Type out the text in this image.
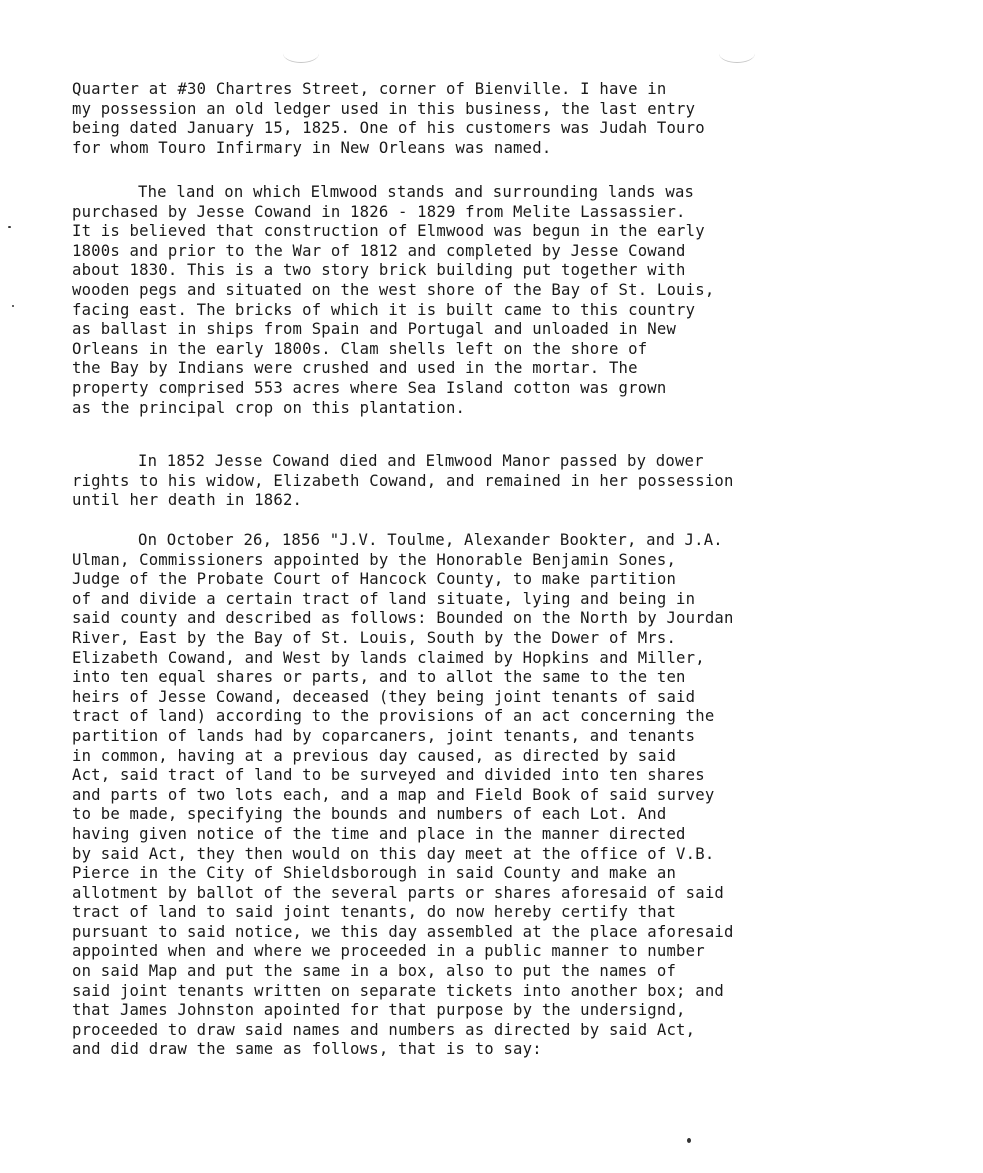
Quarter at #30 Chartres Street, corner of Bienville. I have in
my possession an old ledger used in this business, the last entry
being dated January 15, 1825. One of his customers was Judah Touro
for whom Touro Infirmary in New Orleans was named.
The land on which Elmwood stands and surrounding lands was
purchased by Jesse Cowand in 1826 - 1829 from Melite Lassassier.
It is believed that construction of Elmwood was begun in the early
1800s and prior to the War of 1812 and completed by Jesse Cowand
about 1830. This is a two story brick building put together with
wooden pegs and situated on the west shore of the Bay of St. Louis,
facing east. The bricks of which it is built came to this country
as ballast in ships from Spain and Portugal and unloaded in New
Orleans in the early 1800s. Clam shells left on the shore of
the Bay by Indians were crushed and used in the mortar. The
property comprised 553 acres where Sea Island cotton was grown
as the principal crop on this plantation.
In 1852 Jesse Cowand died and Elmwood Manor passed by dower
rights to his widow, Elizabeth Cowand, and remained in her possession
until her death in 1862.
On October 26, 1856 "J.V. Toulme, Alexander Bookter, and J.A.
Ulman, Commissioners appointed by the Honorable Benjamin Sones,
Judge of the Probate Court of Hancock County, to make partition
of and divide a certain tract of land situate, lying and being in
said county and described as follows: Bounded on the North by Jourdan
River, East by the Bay of St. Louis, South by the Dower of Mrs.
Elizabeth Cowand, and West by lands claimed by Hopkins and Miller,
into ten equal shares or parts, and to allot the same to the ten
heirs of Jesse Cowand, deceased (they being joint tenants of said
tract of land) according to the provisions of an act concerning the
partition of lands had by coparcaners, joint tenants, and tenants
in common, having at a previous day caused, as directed by said
Act, said tract of land to be surveyed and divided into ten shares
and parts of two lots each, and a map and Field Book of said survey
to be made, specifying the bounds and numbers of each Lot. And
having given notice of the time and place in the manner directed
by said Act, they then would on this day meet at the office of V.B.
Pierce in the City of Shieldsborough in said County and make an
allotment by ballot of the several parts or shares aforesaid of said
tract of land to said joint tenants, do now hereby certify that
pursuant to said notice, we this day assembled at the place aforesaid
appointed when and where we proceeded in a public manner to number
on said Map and put the same in a box, also to put the names of
said joint tenants written on separate tickets into another box; and
that James Johnston apointed for that purpose by the undersignd,
proceeded to draw said names and numbers as directed by said Act,
and did draw the same as follows, that is to say:
